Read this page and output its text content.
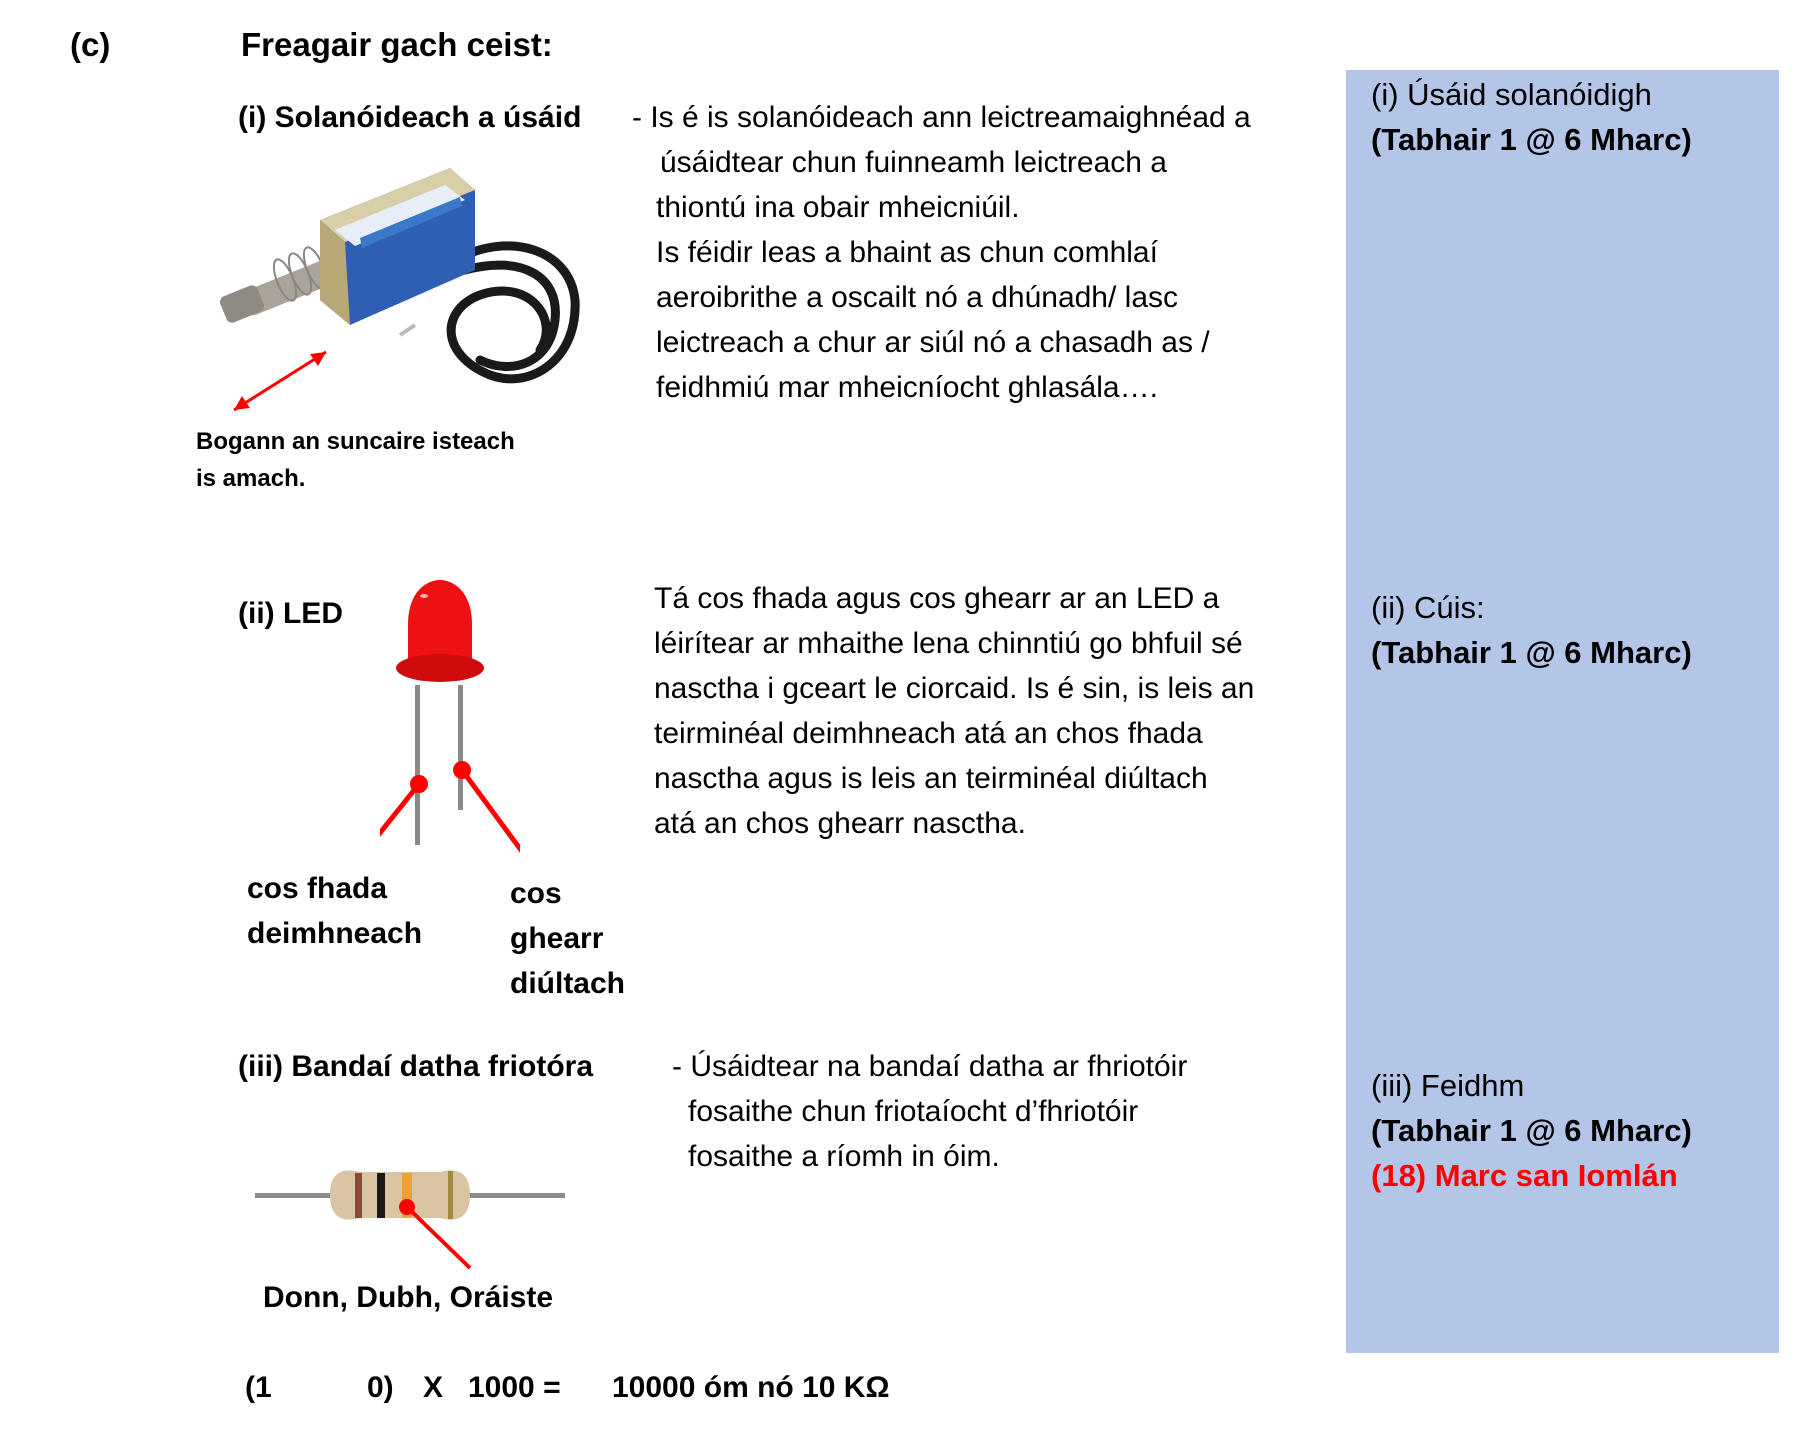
(c)	Freagair gach ceist:
(i) Solanóideach a úsáid - Is é is solanóideach ann leictreamaighnéad a
úsáidtear chun fuinneamh leictreach a
thiontú ina obair mheicniúil.
Is féidir leas a bhaint as chun comhlaí
aeroibrithe a oscailt nó a dhúnadh/ lasc
leictreach a chur ar siúl nó a chasadh as /
feidhmiú mar mheicníocht ghlasála….
Bogann an suncaire isteach
is amach.
(ii) LED
cos fhada
deimhneach
cos
ghearr
diúltach
Tá cos fhada agus cos ghearr ar an LED a
léirítear ar mhaithe lena chinntiú go bhfuil sé
nasctha i gceart le ciorcaid. Is é sin, is leis an
teirminéal deimhneach atá an chos fhada
nasctha agus is leis an teirminéal diúltach
atá an chos ghearr nasctha.
(iii) Bandaí datha friotóra	- Úsáidtear na bandaí datha ar fhriotóir
fosaithe chun friotaíocht d’fhriotóir
fosaithe a ríomh in óim.
Donn, Dubh, Oráiste
(1	0) X 1000 = 10000 óm nó 10 KΩ
(i) Úsáid solanóidigh
(Tabhair 1 @ 6 Mharc)
(ii) Cúis:
(Tabhair 1 @ 6 Mharc)
(iii) Feidhm
(Tabhair 1 @ 6 Mharc)
(18) Marc san Iomlán
